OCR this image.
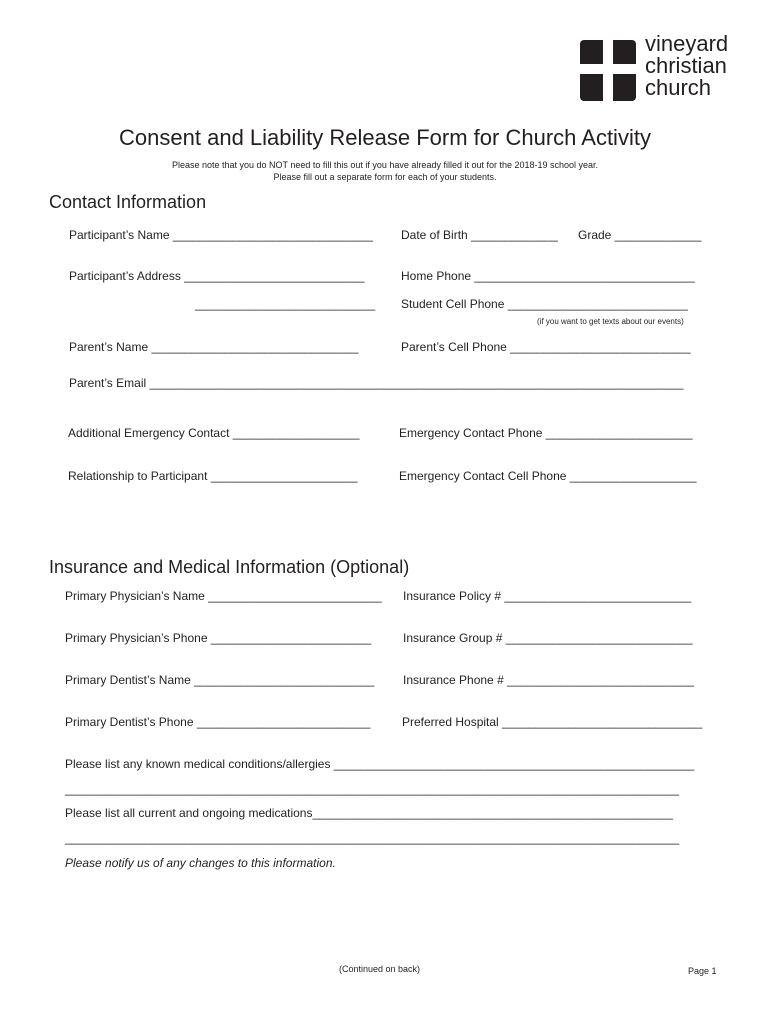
vineyard
christian
church
Consent and Liability Release Form for Church Activity
Please note that you do NOT need to fill this out if you have already filled it out for the 2018-19 school year.
Please fill out a separate form for each of your students.
Contact Information
Participant’s Name ______________________________ Date of Birth _____________ Grade _____________
Participant’s Address ___________________________	Home Phone _________________________________
___________________________ Student Cell Phone ___________________________
(if you want to get texts about our events)
Parent’s Name _______________________________	Parent’s Cell Phone ___________________________
Parent’s Email ________________________________________________________________________________
Additional Emergency Contact ___________________	Emergency Contact Phone ______________________
Relationship to Participant ______________________	Emergency Contact Cell Phone ___________________
Insurance and Medical Information (Optional)
Primary Physician’s Name __________________________ Insurance Policy # ____________________________
Primary Physician’s Phone ________________________	Insurance Group # ____________________________
Primary Dentist’s Name ___________________________ Insurance Phone # ____________________________
Primary Dentist’s Phone __________________________	Preferred Hospital ______________________________
Please list any known medical conditions/allergies ______________________________________________________
____________________________________________________________________________________________
Please list all current and ongoing medications______________________________________________________
____________________________________________________________________________________________
Please notify us of any changes to this information.
(Continued on back)	Page 1
